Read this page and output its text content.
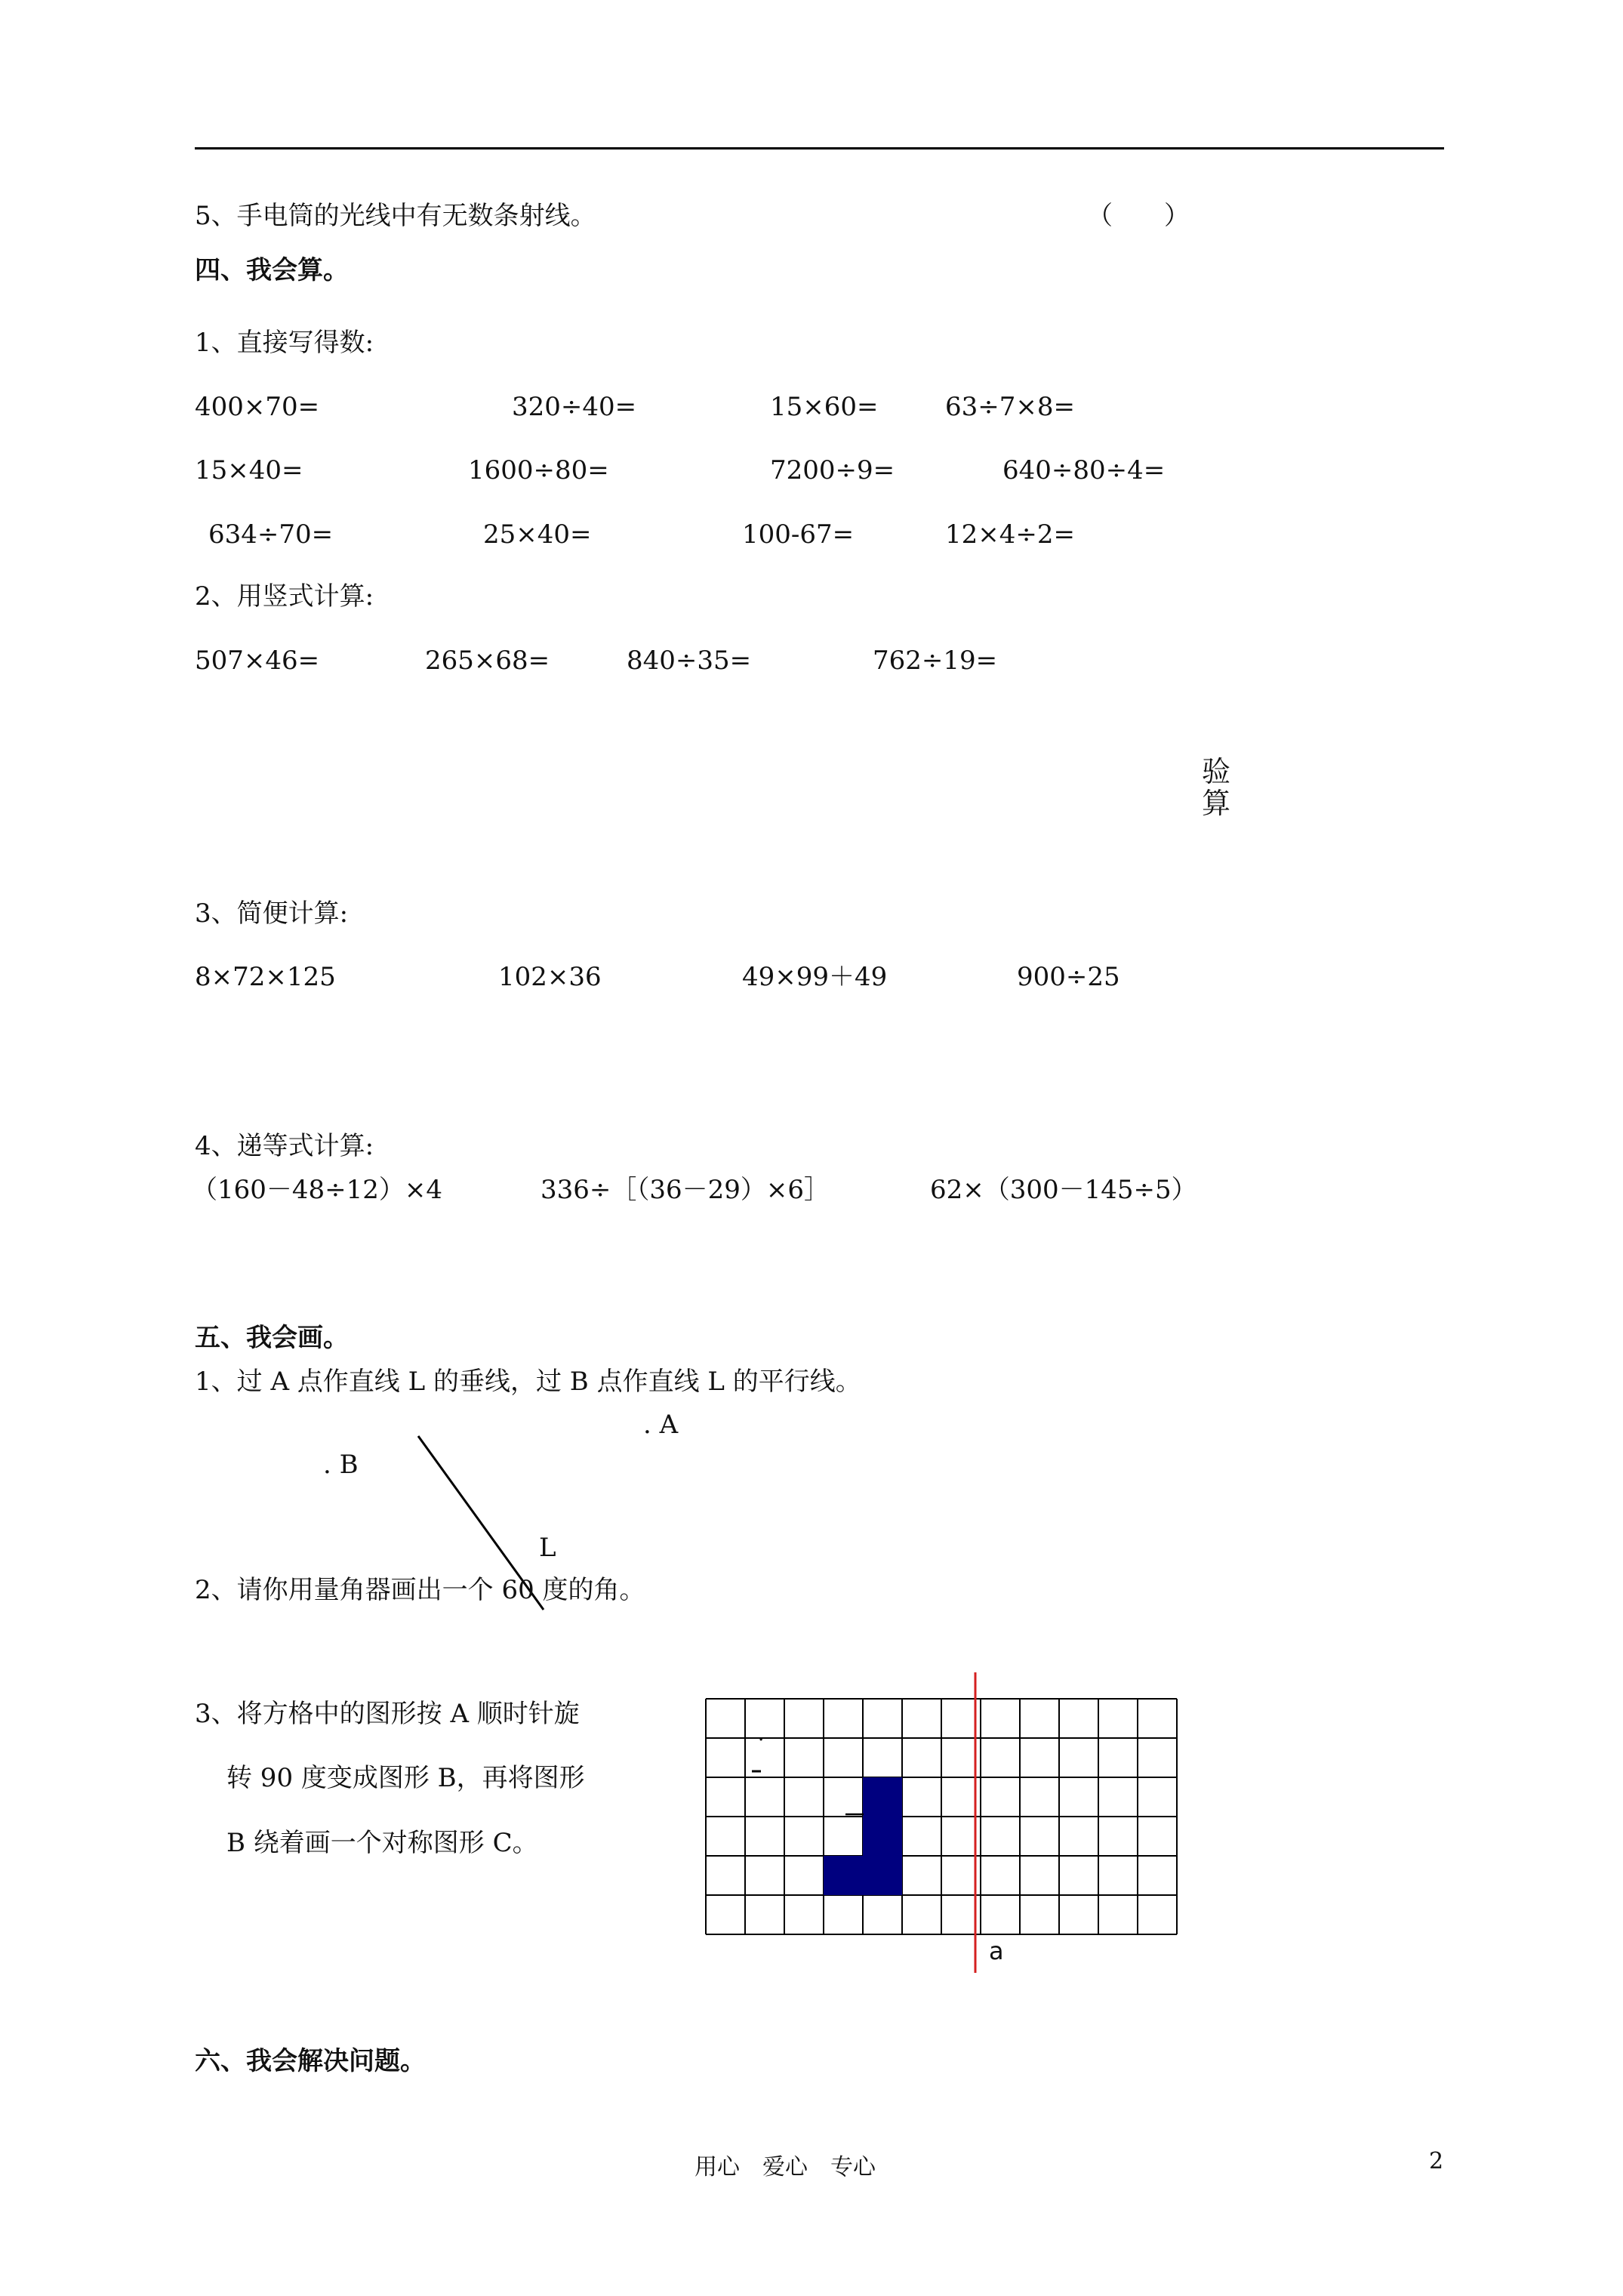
5、手电筒的光线中有无数条射线。	（　　）
四、我会算。
1、直接写得数:
400×70=	320÷40=	15×60=	63÷7×8=
15×40=	1600÷80=	7200÷9=	640÷80÷4=
634÷70=	25×40=	100-67=	12×4÷2=
2、用竖式计算:
507×46=	265×68=	840÷35=	762÷19=
验
算
3、简便计算:
8×72×125	102×36	49×99＋49	900÷25
4、递等式计算:
（160－48÷12）×4	336÷［（36－29）×6］	62×（300－145÷5）
五、我会画。
1、过 A 点作直线 L 的垂线，过 B 点作直线 L 的平行线。
. A
. B
L
2、请你用量角器画出一个 60 度的角。
3、将方格中的图形按 A 顺时针旋
转 90 度变成图形 B，再将图形
B 绕着画一个对称图形 C。
·
a
六、我会解决问题。
用心　爱心　专心	2
